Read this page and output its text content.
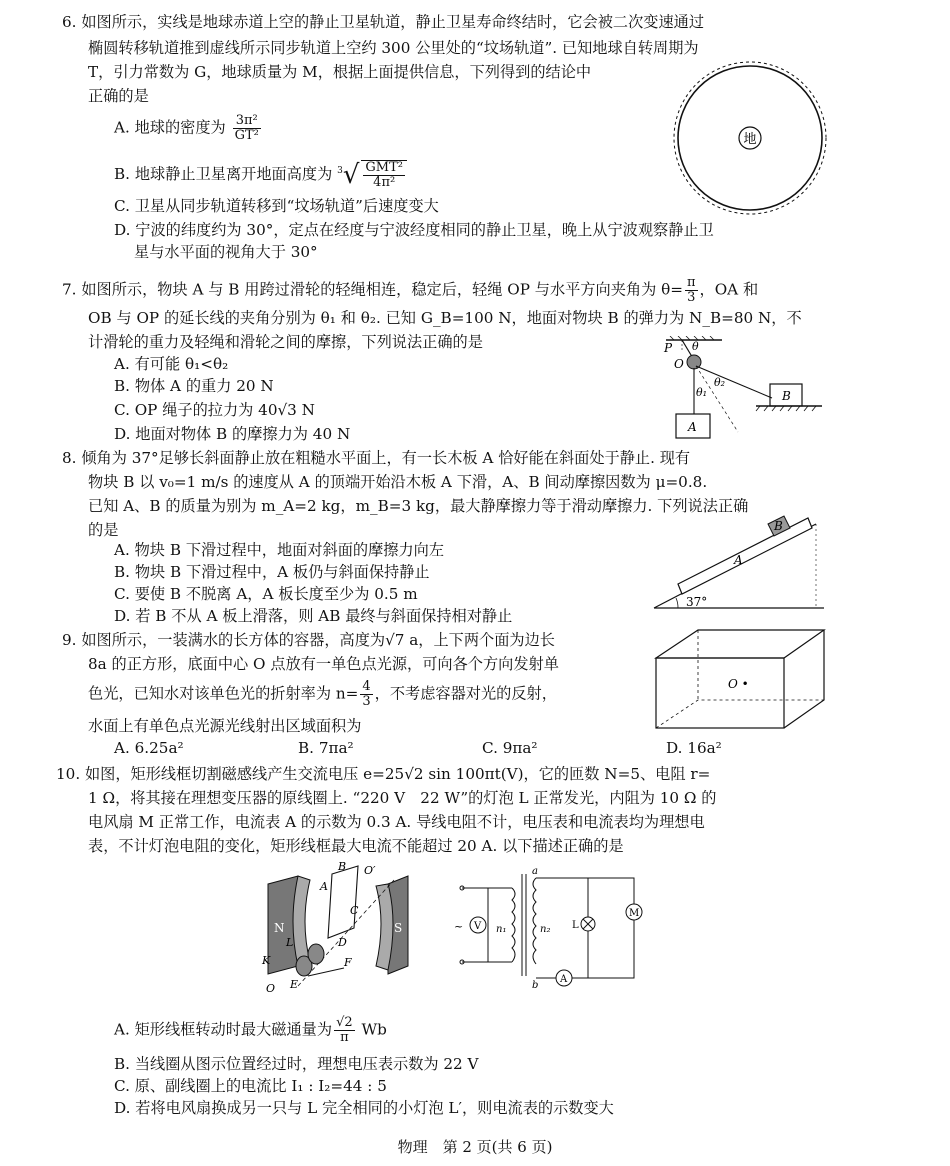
6. 如图所示，实线是地球赤道上空的静止卫星轨道，静止卫星寿命终结时，它会被二次变速通过
椭圆转移轨道推到虚线所示同步轨道上空约 300 公里处的“坟场轨道”. 已知地球自转周期为
T，引力常数为 G，地球质量为 M，根据上面提供信息，下列得到的结论中
正确的是
A. 地球的密度为 $\frac{\text{3π²}}{\text{GT²}}$
B. 地球静止卫星离开地面高度为 $^3√ \frac{\text{GMT²}}{\text{4π²}}$
C. 卫星从同步轨道转移到“坟场轨道”后速度变大
D. 宁波的纬度约为 30°，定点在经度与宁波经度相同的静止卫星，晚上从宁波观察静止卫
星与水平面的视角大于 30°
地
7. 如图所示，物块 A 与 B 用跨过滑轮的轻绳相连，稳定后，轻绳 OP 与水平方向夹角为 $\theta= \frac{\pi}{3}$ ，OA 和
OB 与 OP 的延长线的夹角分别为 θ₁ 和 θ₂. 已知 G_B=100 N，地面对物块 B 的弹力为 N_B=80 N，不
计滑轮的重力及轻绳和滑轮之间的摩擦，下列说法正确的是
A. 有可能 θ₁<θ₂
B. 物体 A 的重力 20 N
C. OP 绳子的拉力为 40√3 N
D. 地面对物体 B 的摩擦力为 40 N
P θ
O
θ₂
θ₁	B
A
8. 倾角为 37°足够长斜面静止放在粗糙水平面上，有一长木板 A 恰好能在斜面处于静止. 现有
物块 B 以 v₀=1 m/s 的速度从 A 的顶端开始沿木板 A 下滑，A、B 间动摩擦因数为 μ=0.8.
已知 A、B 的质量为别为 m_A=2 kg，m_B=3 kg，最大静摩擦力等于滑动摩擦力. 下列说法正确
的是
A. 物块 B 下滑过程中，地面对斜面的摩擦力向左
B. 物块 B 下滑过程中，A 板仍与斜面保持静止
C. 要使 B 不脱离 A，A 板长度至少为 0.5 m
D. 若 B 不从 A 板上滑落，则 AB 最终与斜面保持相对静止
B
A
37°
9. 如图所示，一装满水的长方体的容器，高度为√7 a，上下两个面为边长
8a 的正方形，底面中心 O 点放有一单色点光源，可向各个方向发射单
色光，已知水对该单色光的折射率为 $n= \frac{4}{3}$ ，不考虑容器对光的反射，
水面上有单色点光源光线射出区域面积为
A. 6.25a²	B. 7πa²	C. 9πa²	D. 16a²
O •
10. 如图，矩形线框切割磁感线产生交流电压 e=25√2 sin 100πt(V)，它的匝数 N=5、电阻 r=
1 Ω，将其接在理想变压器的原线圈上. “220 V　22 W”的灯泡 L 正常发光，内阻为 10 Ω 的
电风扇 M 正常工作，电流表 A 的示数为 0.3 A. 导线电阻不计，电压表和电流表均为理想电
表，不计灯泡电阻的变化，矩形线框最大电流不能超过 20 A. 以下描述正确的是
N	S
B
A
O′
C
D
K
L
F
O E
~ V n₁	n₂
a
b
L
M
A
A. 矩形线框转动时最大磁通量为 $\frac{√2}{\pi}$ Wb
B. 当线圈从图示位置经过时，理想电压表示数为 22 V
C. 原、副线圈上的电流比 I₁ : I₂=44 : 5
D. 若将电风扇换成另一只与 L 完全相同的小灯泡 L′，则电流表的示数变大
物理　第 2 页(共 6 页)
